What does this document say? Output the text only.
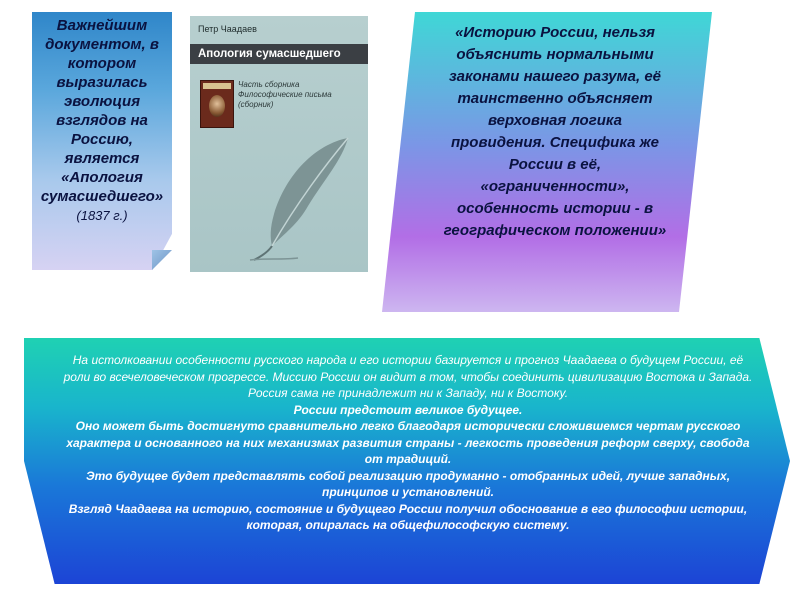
Важнейшим документом, в котором выразилась эволюция взглядов на Россию, является «Апология сумасшедшего» (1837 г.)

Петр Чаадаев
Апология сумасшедшего
Часть сборника
Философические письма
(сборник)

«Историю России, нельзя объяснить нормальными законами нашего разума, её таинственно объясняет верховная логика провидения. Специфика же России в её, «ограниченности», особенность истории - в географическом положении»

На истолковании особенности русского народа и его истории базируется и прогноз Чаадаева о будущем России, её роли во всечеловеческом прогрессе. Миссию России он видит в том, чтобы соединить цивилизацию Востока и Запада. Россия сама не принадлежит ни к Западу, ни к Востоку.
России предстоит великое будущее.
Оно может быть достигнуто сравнительно легко благодаря исторически сложившемся чертам русского характера и основанного на них механизмах развития страны - легкость проведения реформ сверху, свобода от традиций.
Это будущее будет представлять собой реализацию продуманно - отобранных идей, лучше западных, принципов и установлений.
Взгляд Чаадаева на историю, состояние и будущего России получил обоснование в его философии истории, которая, опиралась на общефилософскую систему.
